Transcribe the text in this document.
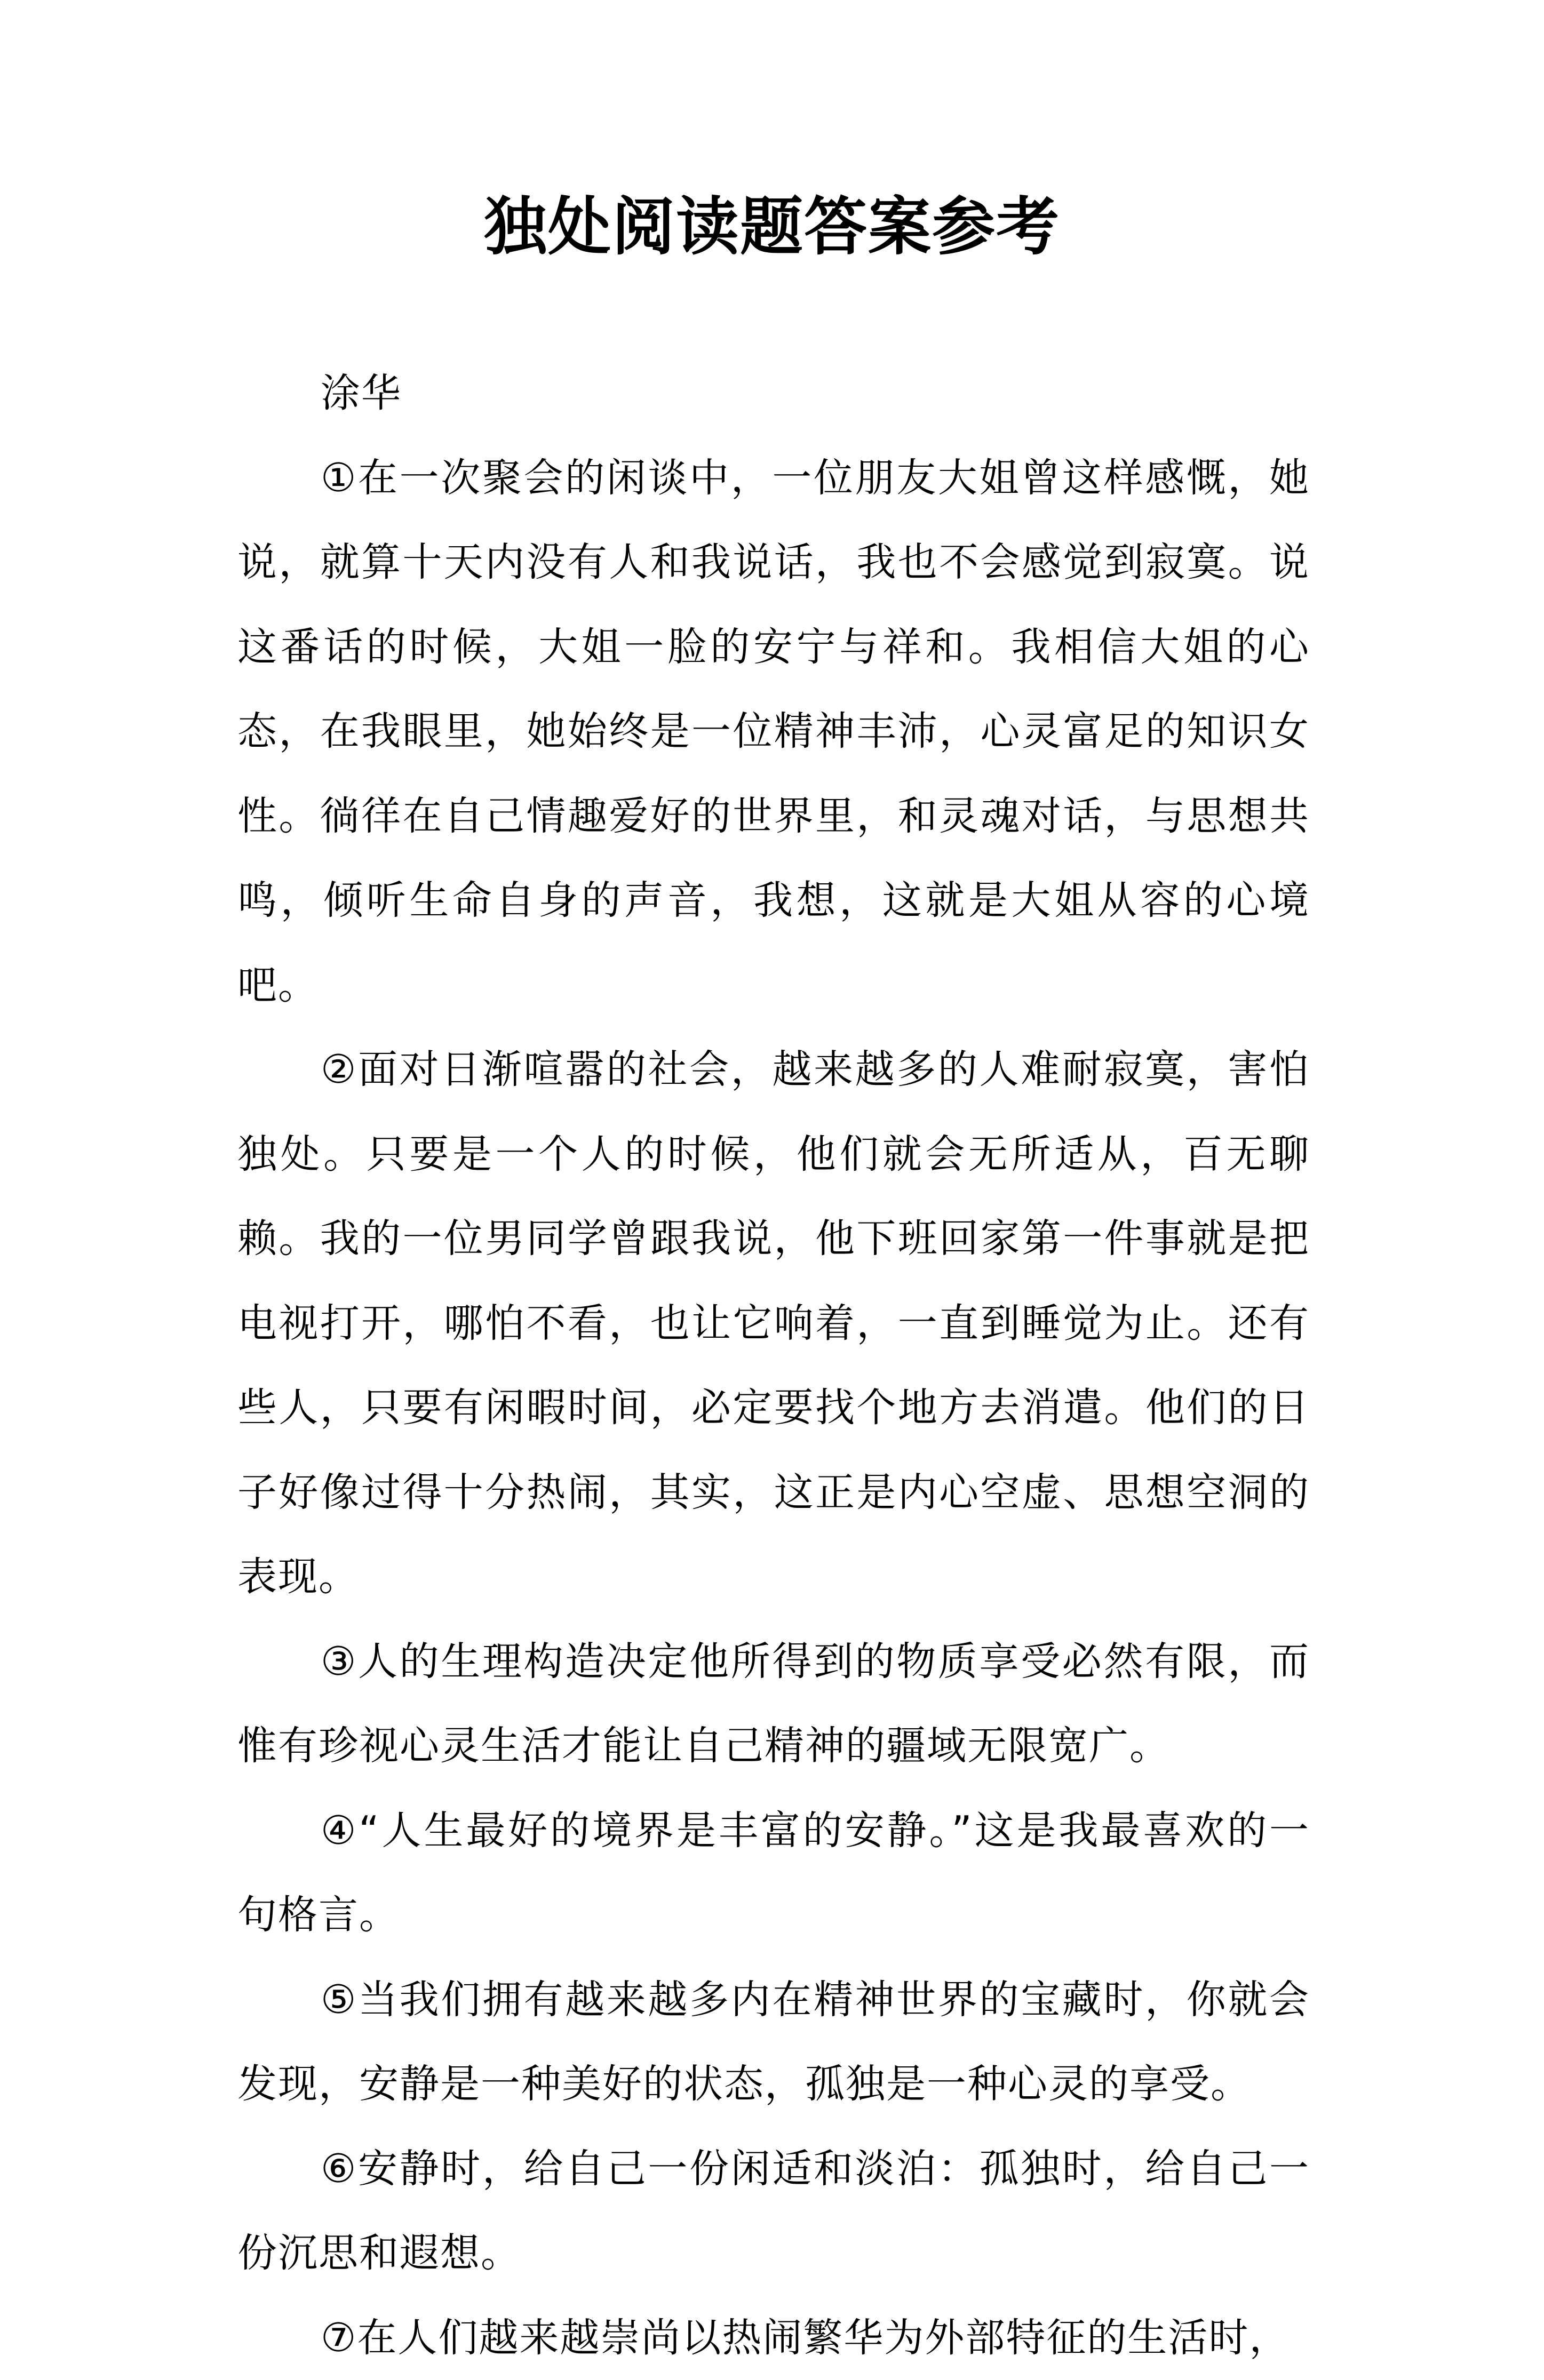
独处阅读题答案参考

涂华

①在一次聚会的闲谈中，一位朋友大姐曾这样感慨，她说，就算十天内没有人和我说话，我也不会感觉到寂寞。说这番话的时候，大姐一脸的安宁与祥和。我相信大姐的心态，在我眼里，她始终是一位精神丰沛，心灵富足的知识女性。徜徉在自己情趣爱好的世界里，和灵魂对话，与思想共鸣，倾听生命自身的声音，我想，这就是大姐从容的心境吧。

②面对日渐喧嚣的社会，越来越多的人难耐寂寞，害怕独处。只要是一个人的时候，他们就会无所适从，百无聊赖。我的一位男同学曾跟我说，他下班回家第一件事就是把电视打开，哪怕不看，也让它响着，一直到睡觉为止。还有些人，只要有闲暇时间，必定要找个地方去消遣。他们的日子好像过得十分热闹，其实，这正是内心空虚、思想空洞的表现。

③人的生理构造决定他所得到的物质享受必然有限，而惟有珍视心灵生活才能让自己精神的疆域无限宽广。

④“人生最好的境界是丰富的安静。”这是我最喜欢的一句格言。

⑤当我们拥有越来越多内在精神世界的宝藏时，你就会发现，安静是一种美好的状态，孤独是一种心灵的享受。

⑥安静时，给自己一份闲适和淡泊：孤独时，给自己一份沉思和遐想。

⑦在人们越来越崇尚以热闹繁华为外部特征的生活时，
